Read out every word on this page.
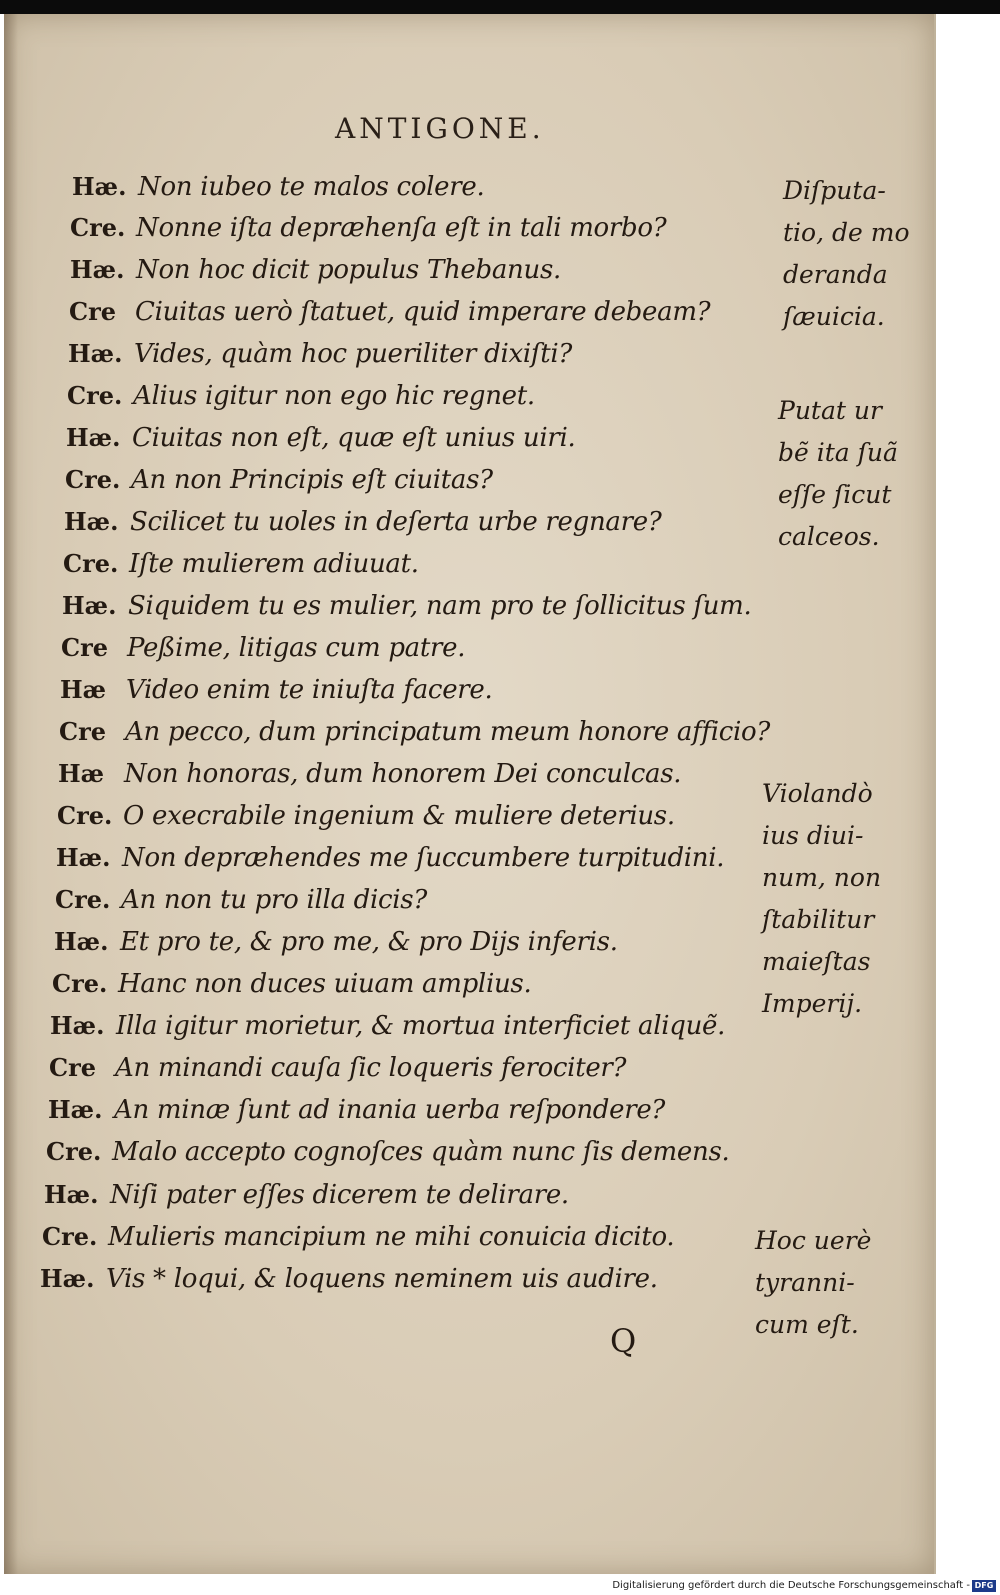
ANTIGONE.
Hæ. Non iubeo te malos colere.
Cre. Nonne iſta depræhenſa eſt in tali morbo?
Hæ. Non hoc dicit populus Thebanus.
Cre Ciuitas uerò ſtatuet, quid imperare debeam?
Hæ. Vides, quàm hoc pueriliter dixiſti?
Cre. Alius igitur non ego hic regnet.
Hæ. Ciuitas non eſt, quæ eſt unius uiri.
Cre. An non Principis eſt ciuitas?
Hæ. Scilicet tu uoles in deſerta urbe regnare?
Cre. Iſte mulierem adiuuat.
Hæ. Siquidem tu es mulier, nam pro te ſollicitus ſum.
Cre Peßime, litigas cum patre.
Hæ Video enim te iniuſta facere.
Cre An pecco, dum principatum meum honore afficio?
Hæ Non honoras, dum honorem Dei conculcas.
Cre. O execrabile ingenium & muliere deterius.
Hæ. Non depræhendes me ſuccumbere turpitudini.
Cre. An non tu pro illa dicis?
Hæ. Et pro te, & pro me, & pro Dijs inferis.
Cre. Hanc non duces uiuam amplius.
Hæ. Illa igitur morietur, & mortua interficiet aliquẽ.
Cre An minandi cauſa ſic loqueris ferociter?
Hæ. An minæ ſunt ad inania uerba reſpondere?
Cre. Malo accepto cognoſces quàm nunc ſis demens.
Hæ. Niſi pater eſſes dicerem te delirare.
Cre. Mulieris mancipium ne mihi conuicia dicito.
Hæ. Vis * loqui, & loquens neminem uis audire.
Diſputa-
tio, de mo
deranda
ſæuicia.
Putat ur
bẽ ita ſuã
eſſe ſicut
calceos.
Violandò
ius diui-
num, non
ſtabilitur
maieſtas
Imperij.
Hoc uerè
tyranni-
cum eſt.
Q
Digitalisierung gefördert durch die Deutsche Forschungsgemeinschaft - DFG
